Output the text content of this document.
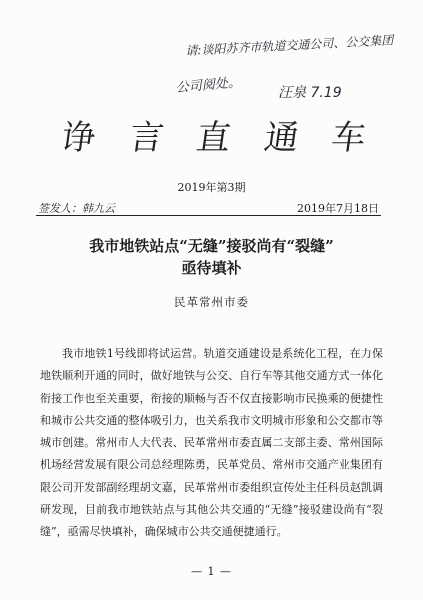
请:谈阳苏齐市轨道交通公司、公交集团
公司阅处。	汪泉 7.19
诤 言 直 通 车
2019年第3期
签发人：韩九云	2019年7月18日
我市地铁站点“无缝”接驳尚有“裂缝”
亟待填补
民革常州市委

我市地铁1号线即将试运营。轨道交通建设是系统化工程，在力保地铁顺利开通的同时，做好地铁与公交、自行车等其他交通方式一体化衔接工作也至关重要，衔接的顺畅与否不仅直接影响市民换乘的便捷性和城市公共交通的整体吸引力，也关系我市文明城市形象和公交都市等城市创建。常州市人大代表、民革常州市委直属二支部主委、常州国际机场经营发展有限公司总经理陈勇，民革党员、常州市交通产业集团有限公司开发部副经理胡文嘉，民革常州市委组织宣传处主任科员赵凯调研发现，目前我市地铁站点与其他公共交通的“无缝”接驳建设尚有“裂缝”，亟需尽快填补，确保城市公共交通便捷通行。

— 1 —
